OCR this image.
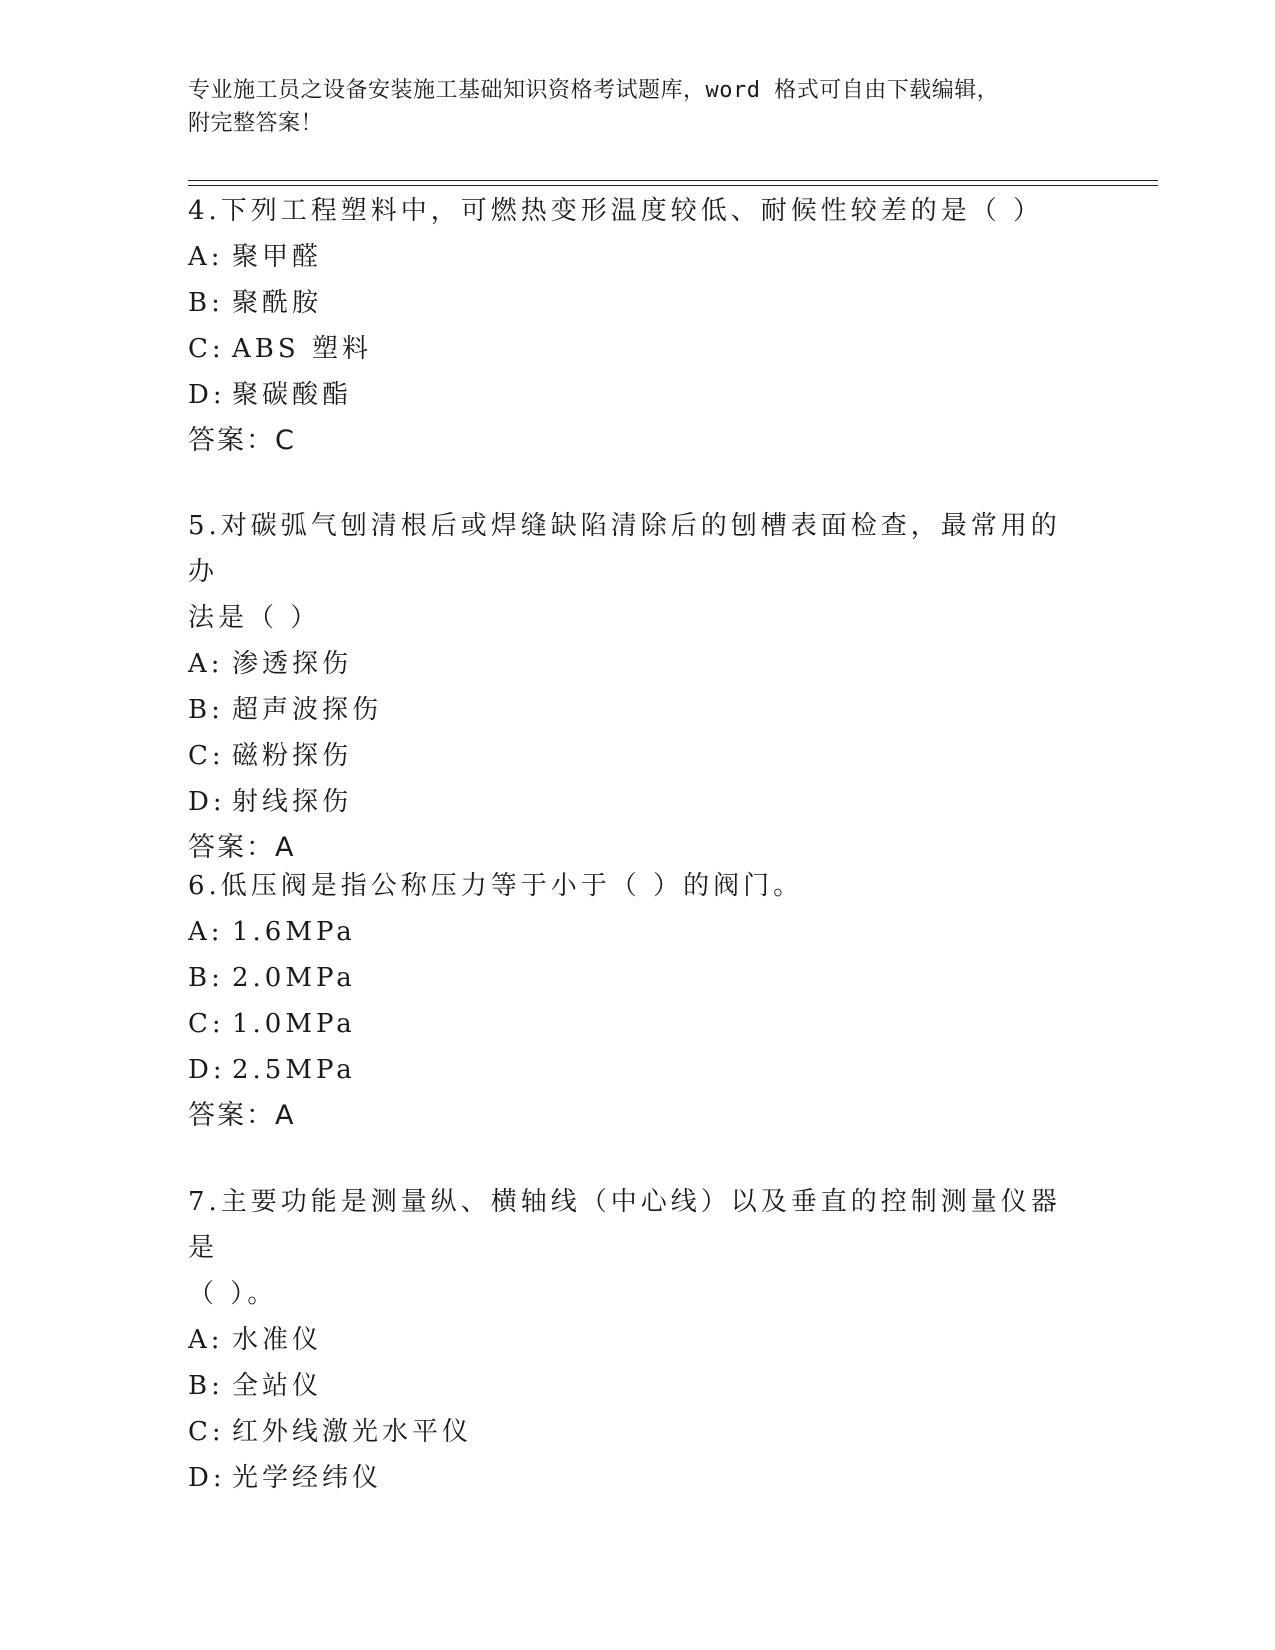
专业施工员之设备安装施工基础知识资格考试题库，word 格式可自由下载编辑，
附完整答案！
4.下列工程塑料中，可燃热变形温度较低、耐候性较差的是（ ）
A: 聚甲醛
B: 聚酰胺
C: ABS 塑料
D: 聚碳酸酯
答案：C
5.对碳弧气刨清根后或焊缝缺陷清除后的刨槽表面检查，最常用的办
法是（ ）
A: 渗透探伤
B: 超声波探伤
C: 磁粉探伤
D: 射线探伤
答案：A
6.低压阀是指公称压力等于小于（ ）的阀门。
A: 1.6MPa
B: 2.0MPa
C: 1.0MPa
D: 2.5MPa
答案：A
7.主要功能是测量纵、横轴线（中心线）以及垂直的控制测量仪器是
（ ）。
A: 水准仪
B: 全站仪
C: 红外线激光水平仪
D: 光学经纬仪
